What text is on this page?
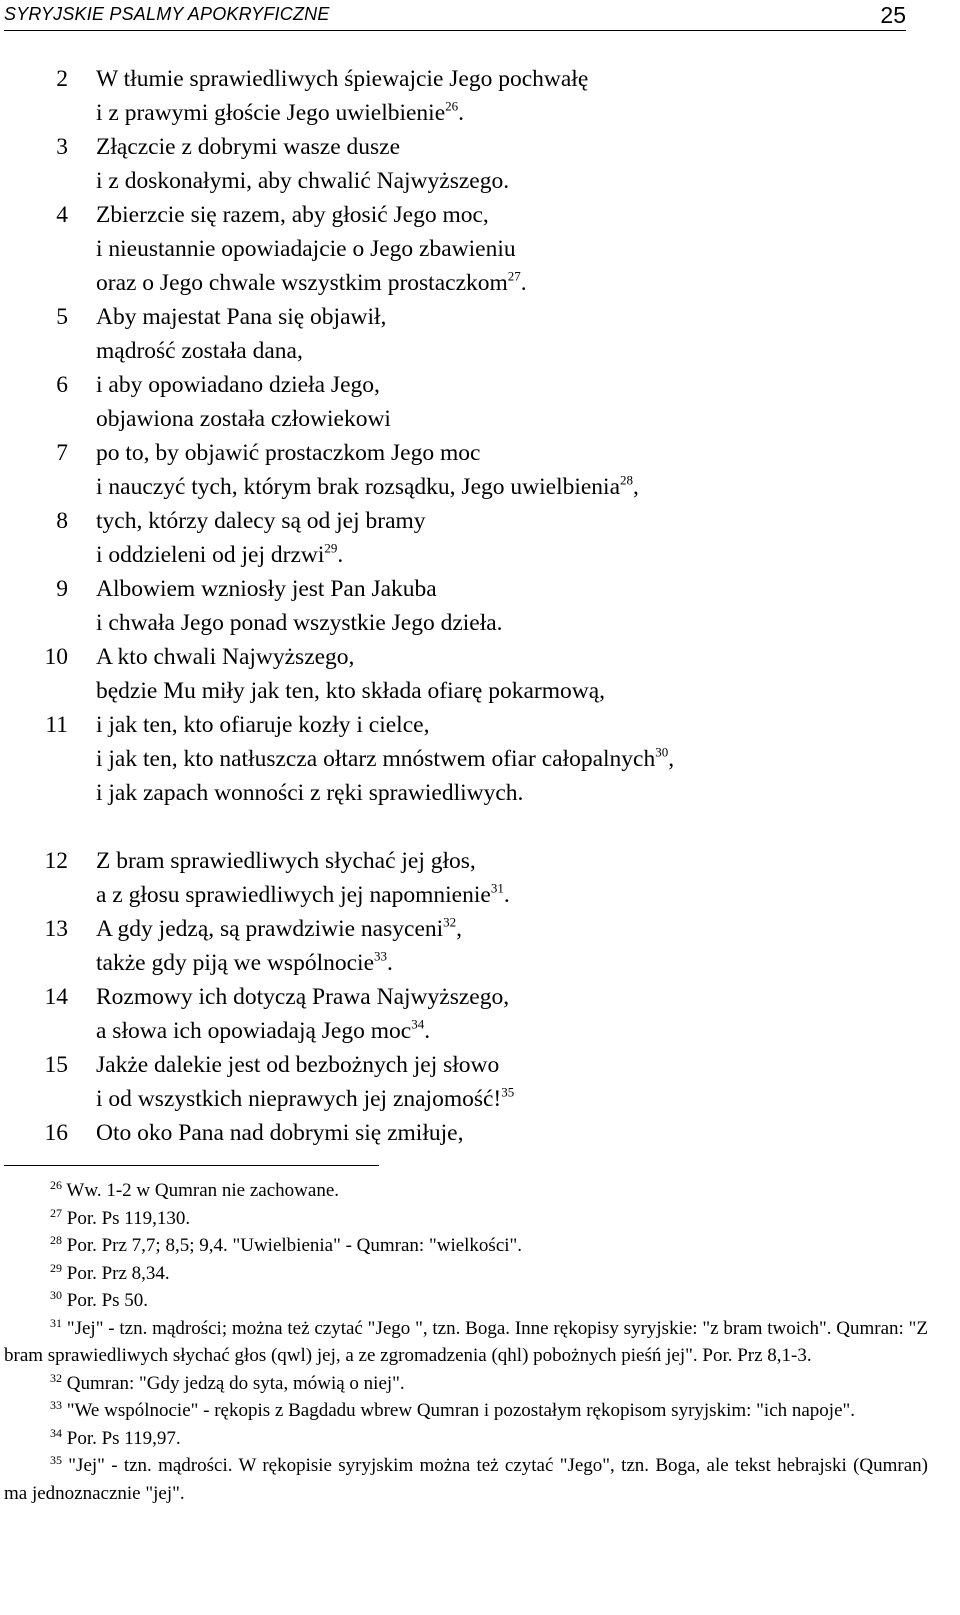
SYRYJSKIE PSALMY APOKRYFICZNE	25
2 W tłumie sprawiedliwych śpiewajcie Jego pochwałę
i z prawymi głoście Jego uwielbienie$^{26}$.
3 Złączcie z dobrymi wasze dusze
i z doskonałymi, aby chwalić Najwyższego.
4 Zbierzcie się razem, aby głosić Jego moc,
i nieustannie opowiadajcie o Jego zbawieniu
oraz o Jego chwale wszystkim prostaczkom$^{27}$.
5 Aby majestat Pana się objawił,
mądrość została dana,
6 i aby opowiadano dzieła Jego,
objawiona została człowiekowi
7 po to, by objawić prostaczkom Jego moc
i nauczyć tych, którym brak rozsądku, Jego uwielbienia$^{28}$,
8 tych, którzy dalecy są od jej bramy
i oddzieleni od jej drzwi$^{29}$.
9 Albowiem wzniosły jest Pan Jakuba
i chwała Jego ponad wszystkie Jego dzieła.
10 A kto chwali Najwyższego,
będzie Mu miły jak ten, kto składa ofiarę pokarmową,
11 i jak ten, kto ofiaruje kozły i cielce,
i jak ten, kto natłuszcza ołtarz mnóstwem ofiar całopalnych$^{30}$,
i jak zapach wonności z ręki sprawiedliwych.
12 Z bram sprawiedliwych słychać jej głos,
a z głosu sprawiedliwych jej napomnienie$^{31}$.
13 A gdy jedzą, są prawdziwie nasyceni$^{32}$,
także gdy piją we wspólnocie$^{33}$.
14 Rozmowy ich dotyczą Prawa Najwyższego,
a słowa ich opowiadają Jego moc$^{34}$.
15 Jakże dalekie jest od bezbożnych jej słowo
i od wszystkich nieprawych jej znajomość!$^{35}$
16 Oto oko Pana nad dobrymi się zmiłuje,
$^{26}$ Ww. 1-2 w Qumran nie zachowane.
$^{27}$ Por. Ps 119,130.
$^{28}$ Por. Prz 7,7; 8,5; 9,4. "Uwielbienia" - Qumran: "wielkości".
$^{29}$ Por. Prz 8,34.
$^{30}$ Por. Ps 50.
$^{31}$ "Jej" - tzn. mądrości; można też czytać "Jego ", tzn. Boga. Inne rękopisy syryjskie: "z bram twoich". Qumran: "Z bram sprawiedliwych słychać głos (qwl) jej, a ze zgromadzenia (qhl) pobożnych pieśń jej". Por. Prz 8,1-3.
$^{32}$ Qumran: "Gdy jedzą do syta, mówią o niej".
$^{33}$ "We wspólnocie" - rękopis z Bagdadu wbrew Qumran i pozostałym rękopisom syryjskim: "ich napoje".
$^{34}$ Por. Ps 119,97.
$^{35}$ "Jej" - tzn. mądrości. W rękopisie syryjskim można też czytać "Jego", tzn. Boga, ale tekst hebrajski (Qumran) ma jednoznacznie "jej".
